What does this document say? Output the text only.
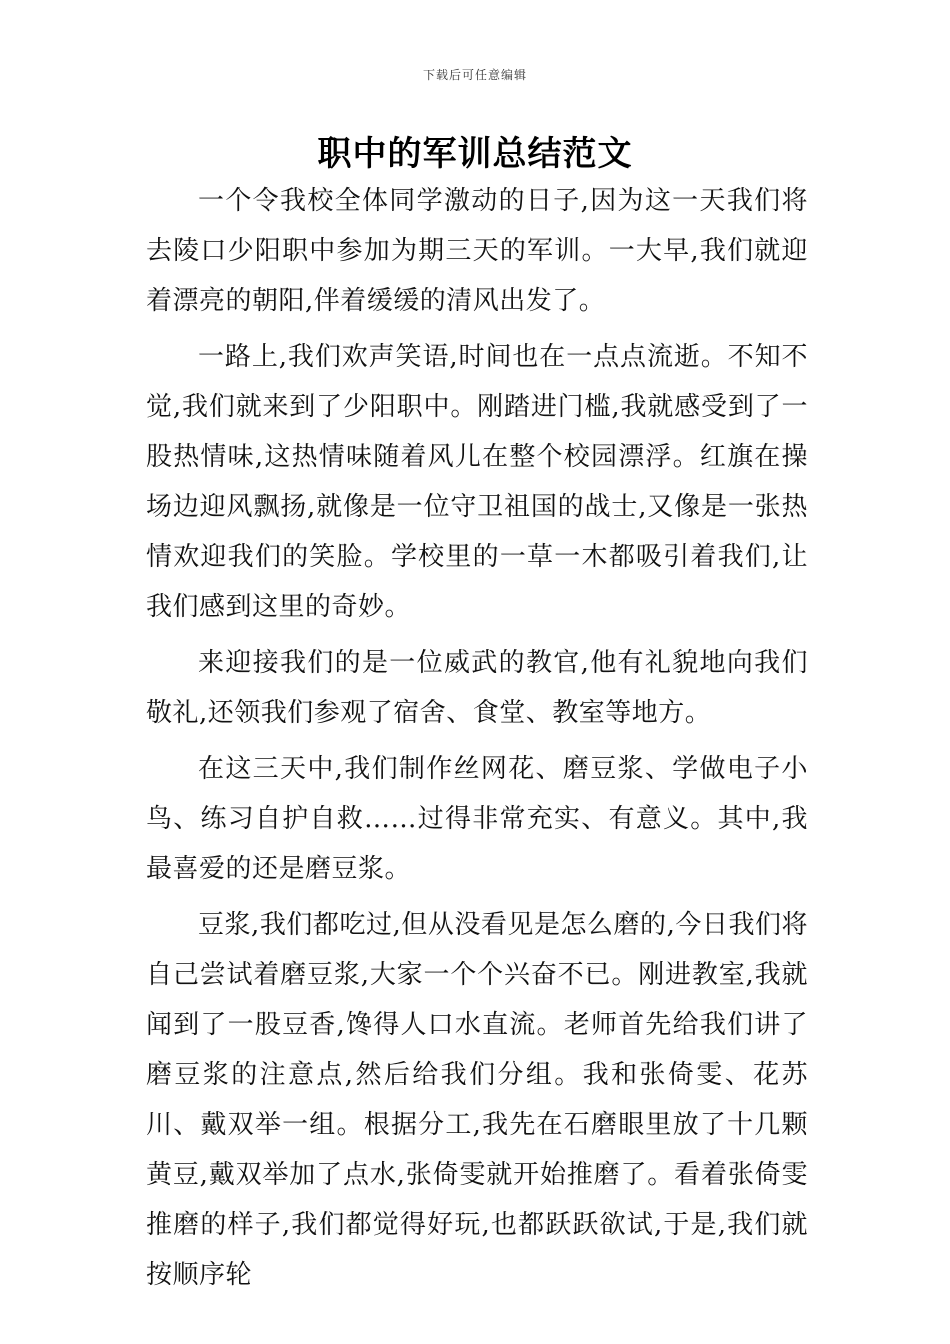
下载后可任意编辑
职中的军训总结范文

一个令我校全体同学激动的日子,因为这一天我们将去陵口少阳职中参加为期三天的军训。一大早,我们就迎着漂亮的朝阳,伴着缓缓的清风出发了。

一路上,我们欢声笑语,时间也在一点点流逝。不知不觉,我们就来到了少阳职中。刚踏进门槛,我就感受到了一股热情味,这热情味随着风儿在整个校园漂浮。红旗在操场边迎风飘扬,就像是一位守卫祖国的战士,又像是一张热情欢迎我们的笑脸。学校里的一草一木都吸引着我们,让我们感到这里的奇妙。

来迎接我们的是一位威武的教官,他有礼貌地向我们敬礼,还领我们参观了宿舍、食堂、教室等地方。

在这三天中,我们制作丝网花、磨豆浆、学做电子小鸟、练习自护自救……过得非常充实、有意义。其中,我最喜爱的还是磨豆浆。

豆浆,我们都吃过,但从没看见是怎么磨的,今日我们将自己尝试着磨豆浆,大家一个个兴奋不已。刚进教室,我就闻到了一股豆香,馋得人口水直流。老师首先给我们讲了磨豆浆的注意点,然后给我们分组。我和张倚雯、花苏川、戴双举一组。根据分工,我先在石磨眼里放了十几颗黄豆,戴双举加了点水,张倚雯就开始推磨了。看着张倚雯推磨的样子,我们都觉得好玩,也都跃跃欲试,于是,我们就按顺序轮
